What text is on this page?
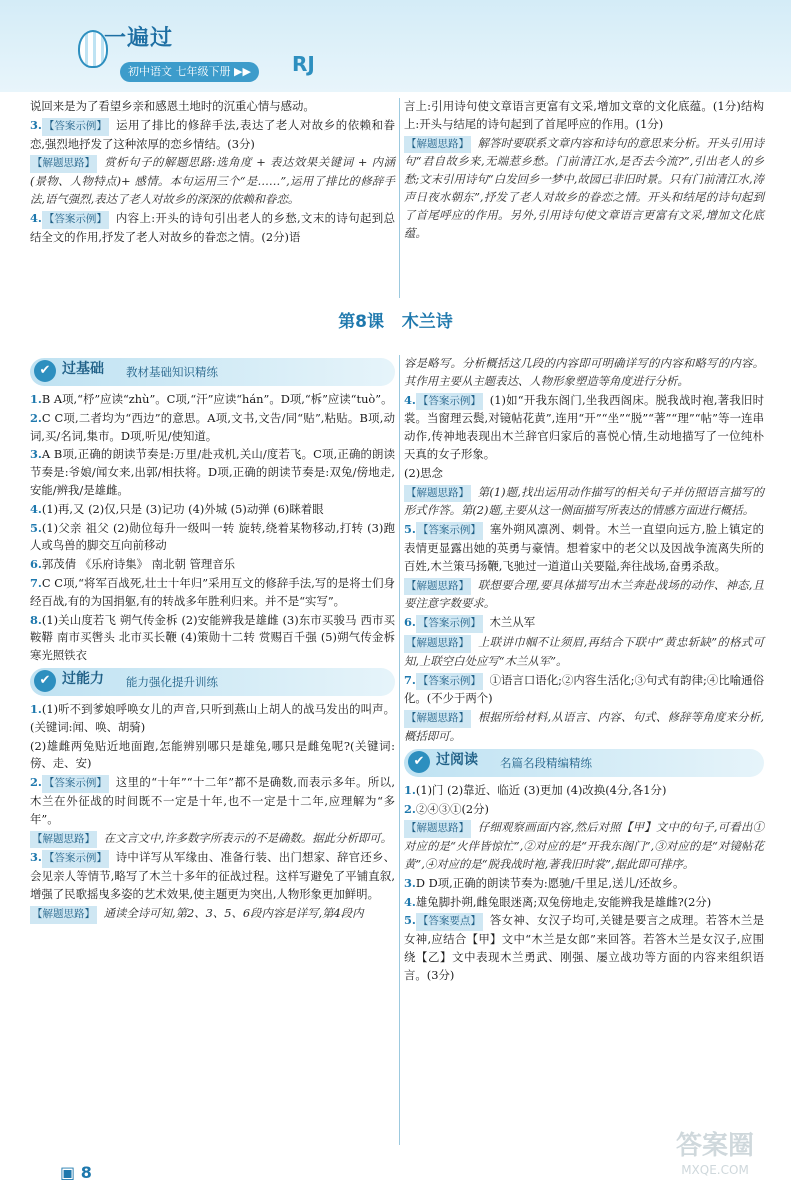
一遍过
初中语文 七年级下册 ▶▶	RJ

说回来是为了看望乡亲和感恩土地时的沉重心情与感动。

3. 【答案示例】 运用了排比的修辞手法,表达了老人对故乡的依赖和眷恋,强烈地抒发了这种浓厚的恋乡情结。(3分)

【解题思路】 赏析句子的解题思路:选角度 + 表达效果关键词 + 内涵(景物、人物特点)+ 感情。本句运用三个“是……”,运用了排比的修辞手法,语气强烈,表达了老人对故乡的深深的依赖和眷恋。

4. 【答案示例】 内容上:开头的诗句引出老人的乡愁,文末的诗句起到总结全文的作用,抒发了老人对故乡的眷恋之情。(2分)语

言上:引用诗句使文章语言更富有文采,增加文章的文化底蕴。(1分)结构上:开头与结尾的诗句起到了首尾呼应的作用。(1分)

【解题思路】 解答时要联系文章内容和诗句的意思来分析。开头引用诗句“君自故乡来,无端惹乡愁。门前清江水,是否去今流?”,引出老人的乡愁;文末引用诗句“白发回乡一梦中,故园已非旧时景。只有门前清江水,涛声日夜水朝东”,抒发了老人对故乡的眷恋之情。开头和结尾的诗句起到了首尾呼应的作用。另外,引用诗句使文章语言更富有文采,增加文化底蕴。

第8课 木兰诗
✔ 过基础 教材基础知识精练

1.B A项,“杼”应读“zhù”。C项,“汗”应读“hán”。D项,“柝”应读“tuò”。

2.C C项,二者均为“西边”的意思。A项,文书,文告/同“贴”,粘贴。B项,动词,买/名词,集市。D项,听见/使知道。

3.A B项,正确的朗读节奏是:万里/赴戎机,关山/度若飞。C项,正确的朗读节奏是:爷娘/闻女来,出郭/相扶将。D项,正确的朗读节奏是:双兔/傍地走,安能/辨我/是雄雌。

4.(1)再,又 (2)仅,只是 (3)记功 (4)外城 (5)动弹 (6)眯着眼

5.(1)父亲 祖父 (2)勋位每升一级叫一转 旋转,绕着某物移动,打转 (3)跑 人或鸟兽的脚交互向前移动

6.郭茂倩 《乐府诗集》 南北朝 管理音乐

7.C C项,“将军百战死,壮士十年归”采用互文的修辞手法,写的是将士们身经百战,有的为国捐躯,有的转战多年胜利归来。并不是“实写”。

8.(1)关山度若飞 朔气传金柝 (2)安能辨我是雄雌 (3)东市买骏马 西市买鞍鞯 南市买辔头 北市买长鞭 (4)策勋十二转 赏赐百千强 (5)朔气传金柝 寒光照铁衣

✔ 过能力 能力强化提升训练

1.(1)听不到爹娘呼唤女儿的声音,只听到燕山上胡人的战马发出的叫声。(关键词:闻、唤、胡骑)

(2)雄雌两兔贴近地面跑,怎能辨别哪只是雄兔,哪只是雌兔呢?(关键词:傍、走、安)

2. 【答案示例】 这里的“十年”“十二年”都不是确数,而表示多年。所以,木兰在外征战的时间既不一定是十年,也不一定是十二年,应理解为“多年”。

【解题思路】 在文言文中,许多数字所表示的不是确数。据此分析即可。

3. 【答案示例】 诗中详写从军缘由、准备行装、出门想家、辞官还乡、会见亲人等情节,略写了木兰十多年的征战过程。这样写避免了平铺直叙,增强了民歌摇曳多姿的艺术效果,使主题更为突出,人物形象更加鲜明。

【解题思路】 通读全诗可知,第2、3、5、6段内容是详写,第4段内

容是略写。分析概括这几段的内容即可明确详写的内容和略写的内容。其作用主要从主题表达、人物形象塑造等角度进行分析。

4. 【答案示例】 (1)如“开我东阁门,坐我西阁床。脱我战时袍,著我旧时裳。当窗理云鬓,对镜帖花黄”,连用“开”“坐”“脱”“著”“理”“帖”等一连串动作,传神地表现出木兰辞官归家后的喜悦心情,生动地描写了一位纯朴天真的女子形象。

(2)思念

【解题思路】 第(1)题,找出运用动作描写的相关句子并仿照语言描写的形式作答。第(2)题,主要从这一侧面描写所表达的情感方面进行概括。

5. 【答案示例】 塞外朔风凛冽、刺骨。木兰一直望向远方,脸上镇定的表情更显露出她的英勇与豪情。想着家中的老父以及因战争流离失所的百姓,木兰策马扬鞭,飞驰过一道道山关要隘,奔往战场,奋勇杀敌。

【解题思路】 联想要合理,要具体描写出木兰奔赴战场的动作、神态,且要注意字数要求。

6. 【答案示例】 木兰从军

【解题思路】 上联讲巾帼不让须眉,再结合下联中“黄忠斩缺”的格式可知,上联空白处应写“木兰从军”。

7. 【答案示例】 ①语言口语化;②内容生活化;③句式有韵律;④比喻通俗化。(不少于两个)

【解题思路】 根据所给材料,从语言、内容、句式、修辞等角度来分析,概括即可。

✔ 过阅读 名篇名段精编精练

1.(1)门 (2)靠近、临近 (3)更加 (4)改换(4分,各1分)

2.②④③①(2分)

【解题思路】 仔细观察画面内容,然后对照【甲】文中的句子,可看出①对应的是“火伴皆惊忙”,②对应的是“开我东阁门”,③对应的是“对镜帖花黄”,④对应的是“脱我战时袍,著我旧时裳”,据此即可排序。

3.D D项,正确的朗读节奏为:愿驰/千里足,送儿/还故乡。

4.雄兔脚扑朔,雌兔眼迷离;双兔傍地走,安能辨我是雄雌?(2分)

5. 【答案要点】 答女神、女汉子均可,关键是要言之成理。若答木兰是女神,应结合【甲】文中“木兰是女郎”来回答。若答木兰是女汉子,应围绕【乙】文中表现木兰勇武、刚强、屡立战功等方面的内容来组织语言。(3分)

▣ 8
答案圈
MXQE.COM
